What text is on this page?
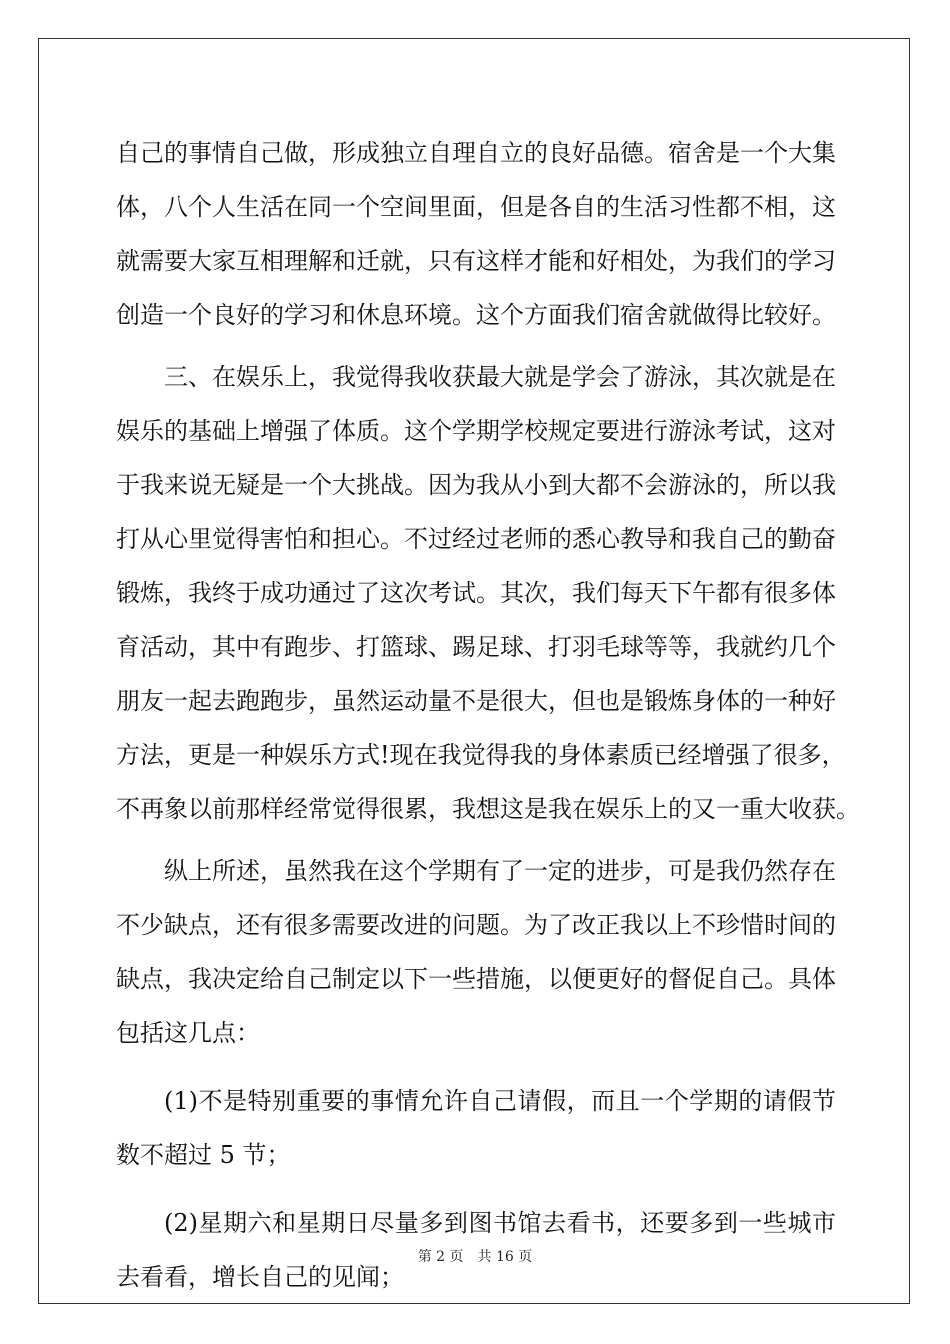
自己的事情自己做，形成独立自理自立的良好品德。宿舍是一个大集
体，八个人生活在同一个空间里面，但是各自的生活习性都不相，这
就需要大家互相理解和迁就，只有这样才能和好相处，为我们的学习
创造一个良好的学习和休息环境。这个方面我们宿舍就做得比较好。
三、在娱乐上，我觉得我收获最大就是学会了游泳，其次就是在
娱乐的基础上增强了体质。这个学期学校规定要进行游泳考试，这对
于我来说无疑是一个大挑战。因为我从小到大都不会游泳的，所以我
打从心里觉得害怕和担心。不过经过老师的悉心教导和我自己的勤奋
锻炼，我终于成功通过了这次考试。其次，我们每天下午都有很多体
育活动，其中有跑步、打篮球、踢足球、打羽毛球等等，我就约几个
朋友一起去跑跑步，虽然运动量不是很大，但也是锻炼身体的一种好
方法，更是一种娱乐方式!现在我觉得我的身体素质已经增强了很多，
不再象以前那样经常觉得很累，我想这是我在娱乐上的又一重大收获。
纵上所述，虽然我在这个学期有了一定的进步，可是我仍然存在
不少缺点，还有很多需要改进的问题。为了改正我以上不珍惜时间的
缺点，我决定给自己制定以下一些措施，以便更好的督促自己。具体
包括这几点：
(1)不是特别重要的事情允许自己请假，而且一个学期的请假节
数不超过 5 节；
(2)星期六和星期日尽量多到图书馆去看书，还要多到一些城市
去看看，增长自己的见闻；
第 2 页 共 16 页
